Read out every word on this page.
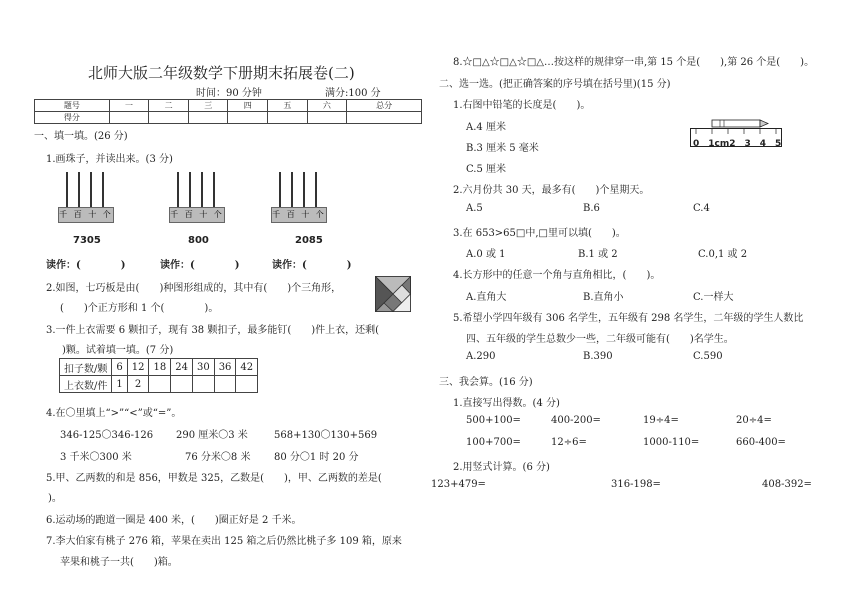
北师大版二年级数学下册期末拓展卷(二)
时间：90 分钟	满分:100 分
题号	一	二	三	四	五	六	总分
得分							
一、填一填。(26 分)
1.画珠子，并读出来。(3 分)
千 百 十 个
7305
千 百 十 个
800
千 百 十 个
2085
读作：(　　　　)	读作：(　　　　)	读作：(　　　　)
2.如图，七巧板是由(　　)种图形组成的，其中有(　　)个三角形，
(　　)个正方形和 1 个(　　　　)。
3.一件上衣需要 6 颗扣子，现有 38 颗扣子，最多能钉(　　)件上衣，还剩(
)颗。试着填一填。(7 分)
扣子数/颗	6	12	18	24	30	36	42
上衣数/件	1	2					
4.在〇里填上“>”“<”或“=”。
346-125〇346-126 290 厘米〇3 米	568+130〇130+569
3 千米〇300 米	76 分米〇8 米 80 分〇1 时 20 分
5.甲、乙两数的和是 856，甲数是 325，乙数是(　　)，甲、乙两数的差是(
)。
6.运动场的跑道一圈是 400 米，(　　)圈正好是 2 千米。
7.李大伯家有桃子 276 箱，苹果在卖出 125 箱之后仍然比桃子多 109 箱，原来
苹果和桃子一共(　　)箱。
8.☆□△☆□△☆□△…按这样的规律穿一串,第 15 个是(　　),第 26 个是(　　)。
二、选一选。(把正确答案的序号填在括号里)(15 分)
1.右图中铅笔的长度是(　　)。
A.4 厘米
B.3 厘米 5 毫米
C.5 厘米
0　1cm2　3　4　5
2.六月份共 30 天，最多有(　　)个星期天。
A.5	B.6	C.4
3.在 653>65□中,□里可以填(　　)。
A.0 或 1	B.1 或 2	C.0,1 或 2
4.长方形中的任意一个角与直角相比，(　　)。
A.直角大	B.直角小	C.一样大
5.希望小学四年级有 306 名学生，五年级有 298 名学生，二年级的学生人数比
四、五年级的学生总数少一些，二年级可能有(　　)名学生。
A.290	B.390	C.590
三、我会算。(16 分)
1.直接写出得数。(4 分)
500+100=	400-200=	19÷4=	20÷4=
100+700=	12÷6=	1000-110=	660-400=
2.用竖式计算。(6 分)
123+479=	316-198=	408-392=
